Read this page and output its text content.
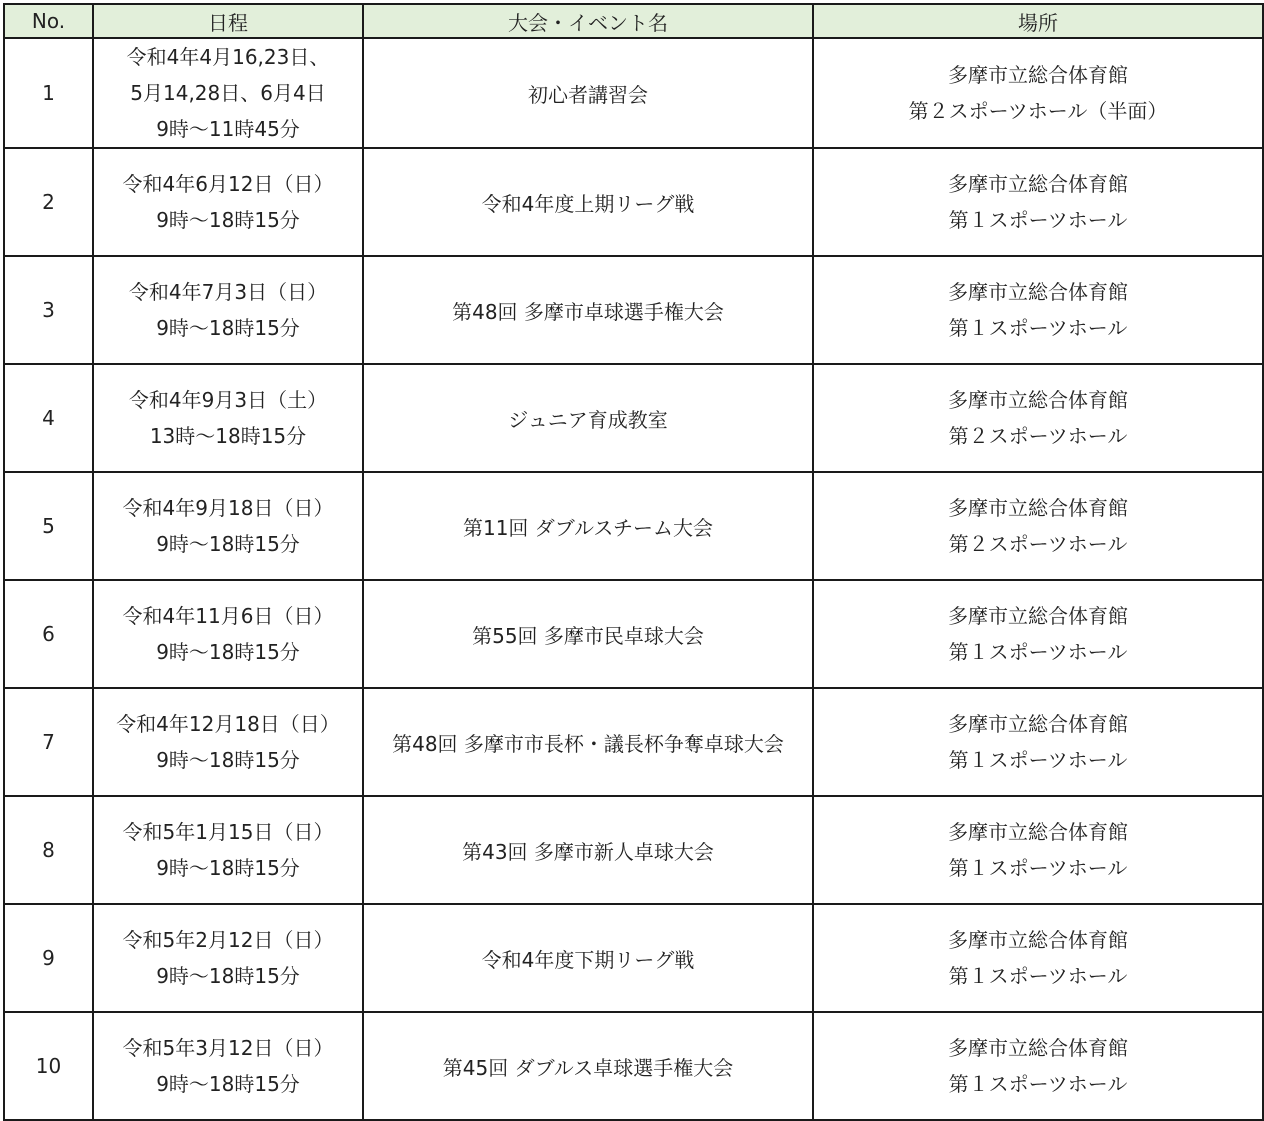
No.	日程	大会・イベント名	場所
1	令和4年4月16,23日、
5月14,28日、6月4日
9時～11時45分	初心者講習会	多摩市立総合体育館
第２スポーツホール（半面）

2	令和4年6月12日（日）
9時～18時15分	令和4年度上期リーグ戦	多摩市立総合体育館
第１スポーツホール

3	令和4年7月3日（日）
9時～18時15分	第48回 多摩市卓球選手権大会	多摩市立総合体育館
第１スポーツホール

4	令和4年9月3日（土）
13時～18時15分	ジュニア育成教室	多摩市立総合体育館
第２スポーツホール

5	令和4年9月18日（日）
9時～18時15分	第11回 ダブルスチーム大会	多摩市立総合体育館
第２スポーツホール

6	令和4年11月6日（日）
9時～18時15分	第55回 多摩市民卓球大会	多摩市立総合体育館
第１スポーツホール

7	令和4年12月18日（日）
9時～18時15分	第48回 多摩市市長杯・議長杯争奪卓球大会	多摩市立総合体育館
第１スポーツホール

8	令和5年1月15日（日）
9時～18時15分	第43回 多摩市新人卓球大会	多摩市立総合体育館
第１スポーツホール

9	令和5年2月12日（日）
9時～18時15分	令和4年度下期リーグ戦	多摩市立総合体育館
第１スポーツホール

10	令和5年3月12日（日）
9時～18時15分	第45回 ダブルス卓球選手権大会	多摩市立総合体育館
第１スポーツホール
